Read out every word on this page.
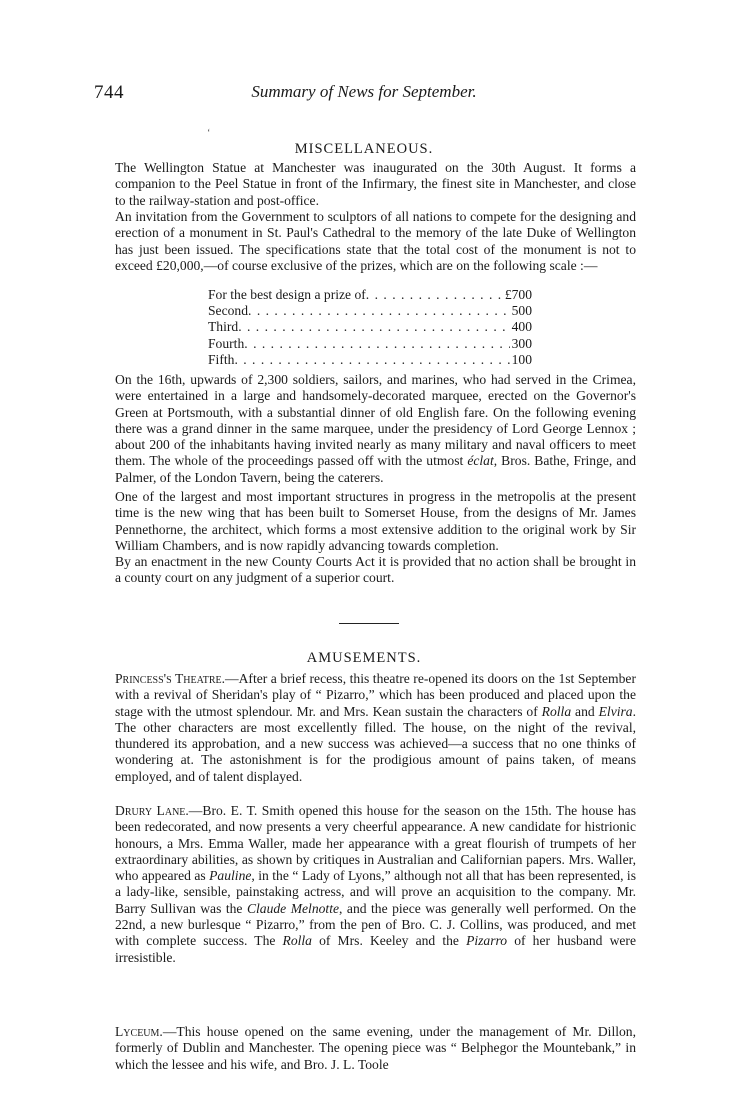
744	Summary of News for September.
‘
MISCELLANEOUS.

The Wellington Statue at Manchester was inaugurated on the 30th August. It forms a companion to the Peel Statue in front of the Infirmary, the finest site in Manchester, and close to the railway-station and post-office.

An invitation from the Government to sculptors of all nations to compete for the designing and erection of a monument in St. Paul's Cathedral to the memory of the late Duke of Wellington has just been issued. The specifications state that the total cost of the monument is not to exceed £20,000,—of course exclusive of the prizes, which are on the following scale :—

For the best design a prize of . . .	£700
Second . . .	500
Third . . .	400
Fourth . . .	300
Fifth . . .	100

On the 16th, upwards of 2,300 soldiers, sailors, and marines, who had served in the Crimea, were entertained in a large and handsomely-decorated marquee, erected on the Governor's Green at Portsmouth, with a substantial dinner of old English fare. On the following evening there was a grand dinner in the same marquee, under the presidency of Lord George Lennox ; about 200 of the inhabitants having invited nearly as many military and naval officers to meet them. The whole of the proceedings passed off with the utmost éclat, Bros. Bathe, Fringe, and Palmer, of the London Tavern, being the caterers.

One of the largest and most important structures in progress in the metropolis at the present time is the new wing that has been built to Somerset House, from the designs of Mr. James Pennethorne, the architect, which forms a most extensive addition to the original work by Sir William Chambers, and is now rapidly advancing towards completion.

By an enactment in the new County Courts Act it is provided that no action shall be brought in a county court on any judgment of a superior court.

AMUSEMENTS.

Princess's Theatre.—After a brief recess, this theatre re-opened its doors on the 1st September with a revival of Sheridan's play of “ Pizarro,” which has been produced and placed upon the stage with the utmost splendour. Mr. and Mrs. Kean sustain the characters of Rolla and Elvira. The other characters are most excellently filled. The house, on the night of the revival, thundered its approbation, and a new success was achieved—a success that no one thinks of wondering at. The astonishment is for the prodigious amount of pains taken, of means employed, and of talent displayed.

Drury Lane.—Bro. E. T. Smith opened this house for the season on the 15th. The house has been redecorated, and now presents a very cheerful appearance. A new candidate for histrionic honours, a Mrs. Emma Waller, made her appearance with a great flourish of trumpets of her extraordinary abilities, as shown by critiques in Australian and Californian papers. Mrs. Waller, who appeared as Pauline, in the “ Lady of Lyons,” although not all that has been represented, is a lady-like, sensible, painstaking actress, and will prove an acquisition to the company. Mr. Barry Sullivan was the Claude Melnotte, and the piece was generally well performed. On the 22nd, a new burlesque “ Pizarro,” from the pen of Bro. C. J. Collins, was produced, and met with complete success. The Rolla of Mrs. Keeley and the Pizarro of her husband were irresistible.

Lyceum.—This house opened on the same evening, under the management of Mr. Dillon, formerly of Dublin and Manchester. The opening piece was “ Belphegor the Mountebank,” in which the lessee and his wife, and Bro. J. L. Toole
